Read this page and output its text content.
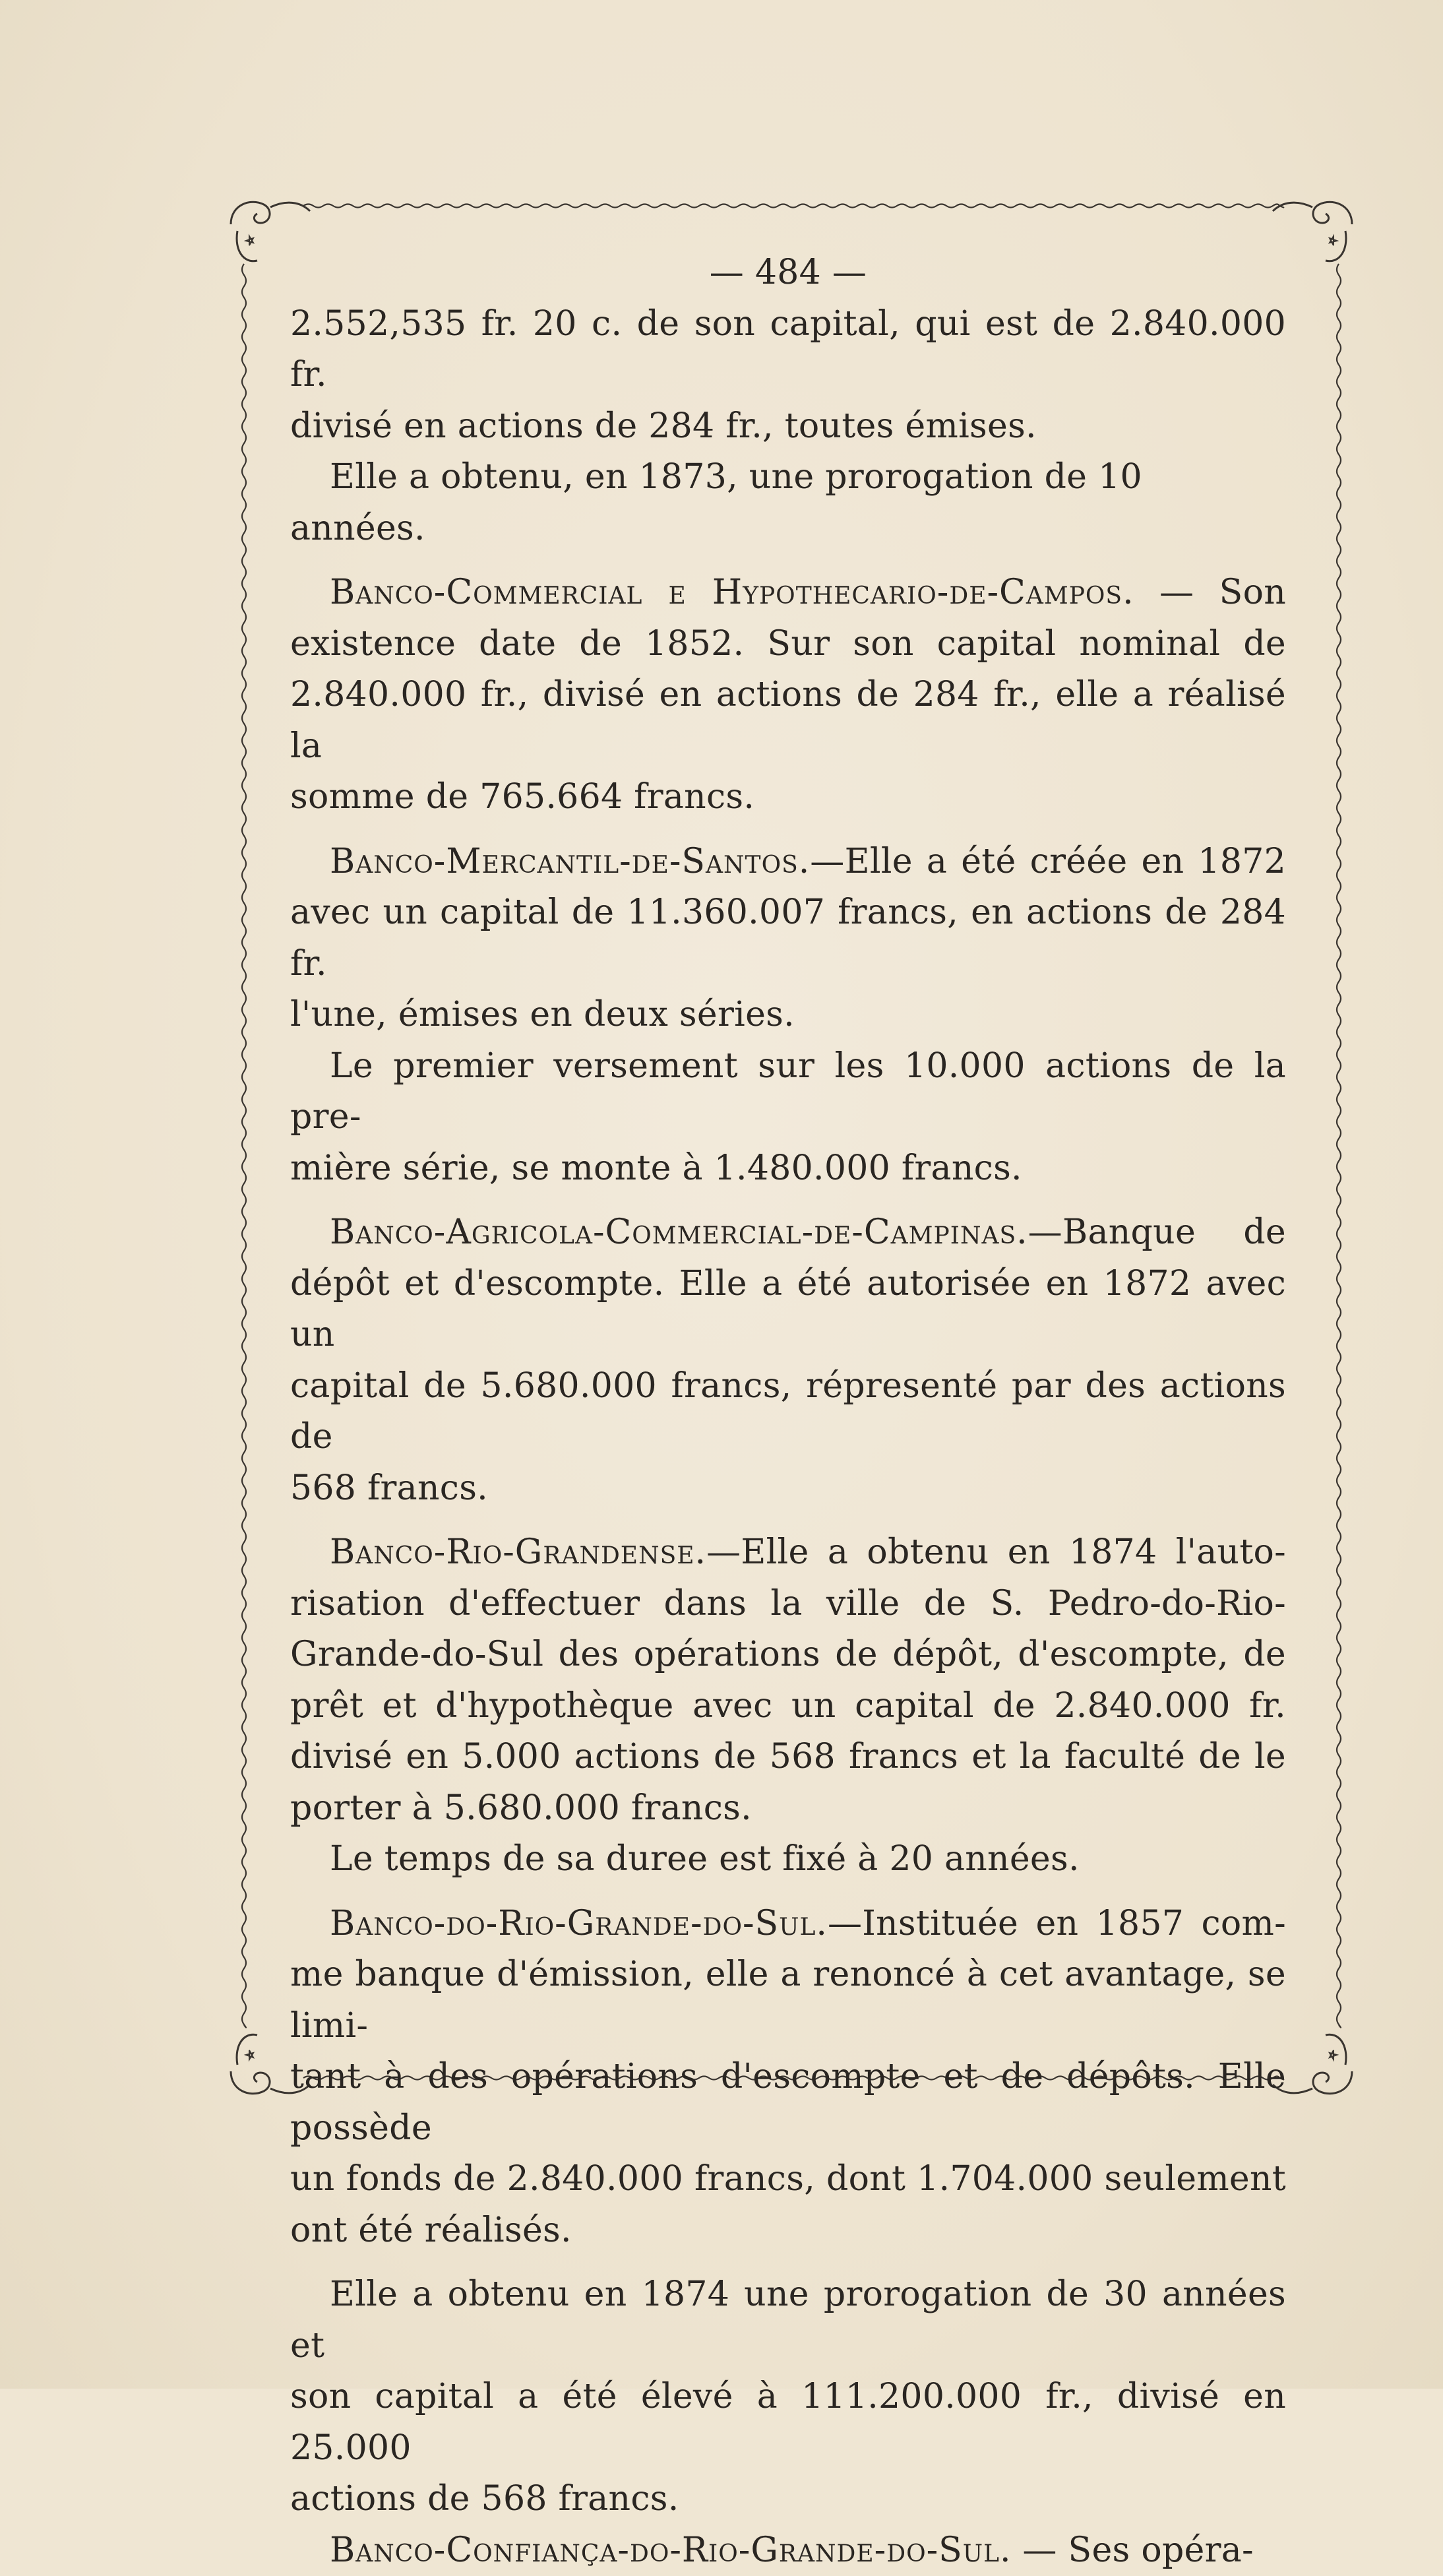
— 484 —
2.552,535 fr. 20 c. de son capital, qui est de 2.840.000 fr.
divisé en actions de 284 fr., toutes émises.
Elle a obtenu, en 1873, une prorogation de 10 années.
Banco-Commercial e Hypothecario-de-Campos. — Son
existence date de 1852. Sur son capital nominal de
2.840.000 fr., divisé en actions de 284 fr., elle a réalisé la
somme de 765.664 francs.
Banco-Mercantil-de-Santos.—Elle a été créée en 1872
avec un capital de 11.360.007 francs, en actions de 284 fr.
l'une, émises en deux séries.
Le premier versement sur les 10.000 actions de la pre-
mière série, se monte à 1.480.000 francs.
Banco-Agricola-Commercial-de-Campinas.—Banque de
dépôt et d'escompte. Elle a été autorisée en 1872 avec un
capital de 5.680.000 francs, répresenté par des actions de
568 francs.
Banco-Rio-Grandense.—Elle a obtenu en 1874 l'auto-
risation d'effectuer dans la ville de S. Pedro-do-Rio-
Grande-do-Sul des opérations de dépôt, d'escompte, de
prêt et d'hypothèque avec un capital de 2.840.000 fr.
divisé en 5.000 actions de 568 francs et la faculté de le
porter à 5.680.000 francs.
Le temps de sa duree est fixé à 20 années.
Banco-do-Rio-Grande-do-Sul.—Instituée en 1857 com-
me banque d'émission, elle a renoncé à cet avantage, se limi-
tant à des opérations d'escompte et de dépôts. Elle possède
un fonds de 2.840.000 francs, dont 1.704.000 seulement
ont été réalisés.
Elle a obtenu en 1874 une prorogation de 30 années et
son capital a été élevé à 111.200.000 fr., divisé en 25.000
actions de 568 francs.
Banco-Confiança-do-Rio-Grande-do-Sul. — Ses opéra-
